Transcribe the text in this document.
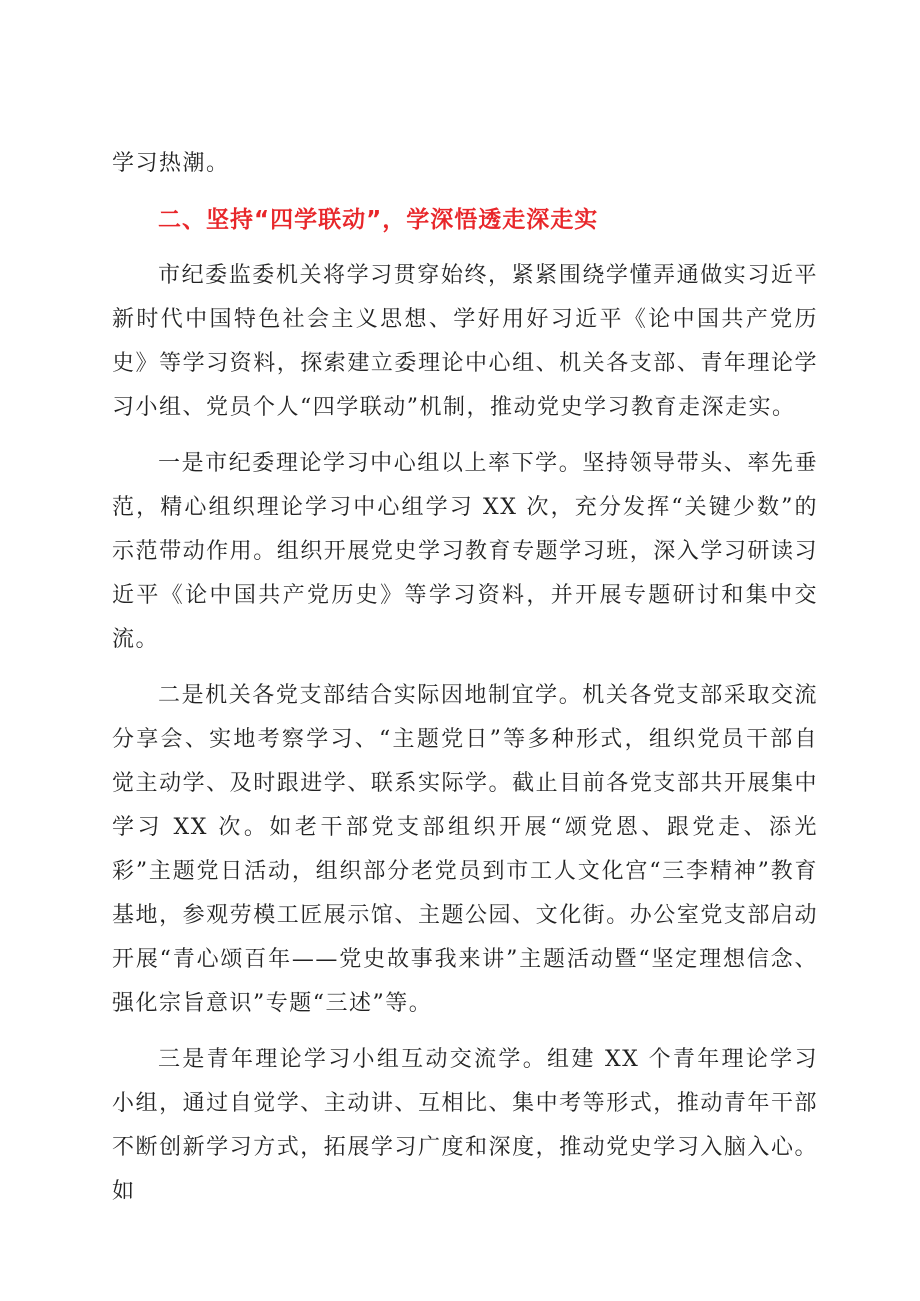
学习热潮。

二、坚持“四学联动”，学深悟透走深走实

市纪委监委机关将学习贯穿始终，紧紧围绕学懂弄通做实习近平新时代中国特色社会主义思想、学好用好习近平《论中国共产党历史》等学习资料，探索建立委理论中心组、机关各支部、青年理论学习小组、党员个人“四学联动”机制，推动党史学习教育走深走实。

一是市纪委理论学习中心组以上率下学。坚持领导带头、率先垂范，精心组织理论学习中心组学习 XX 次，充分发挥“关键少数”的示范带动作用。组织开展党史学习教育专题学习班，深入学习研读习近平《论中国共产党历史》等学习资料，并开展专题研讨和集中交流。

二是机关各党支部结合实际因地制宜学。机关各党支部采取交流分享会、实地考察学习、“主题党日”等多种形式，组织党员干部自觉主动学、及时跟进学、联系实际学。截止目前各党支部共开展集中学习 XX 次。如老干部党支部组织开展“颂党恩、跟党走、添光彩”主题党日活动，组织部分老党员到市工人文化宫“三李精神”教育基地，参观劳模工匠展示馆、主题公园、文化街。办公室党支部启动开展“青心颂百年——党史故事我来讲”主题活动暨“坚定理想信念、强化宗旨意识”专题“三述”等。

三是青年理论学习小组互动交流学。组建 XX 个青年理论学习小组，通过自觉学、主动讲、互相比、集中考等形式，推动青年干部不断创新学习方式，拓展学习广度和深度，推动党史学习入脑入心。如
